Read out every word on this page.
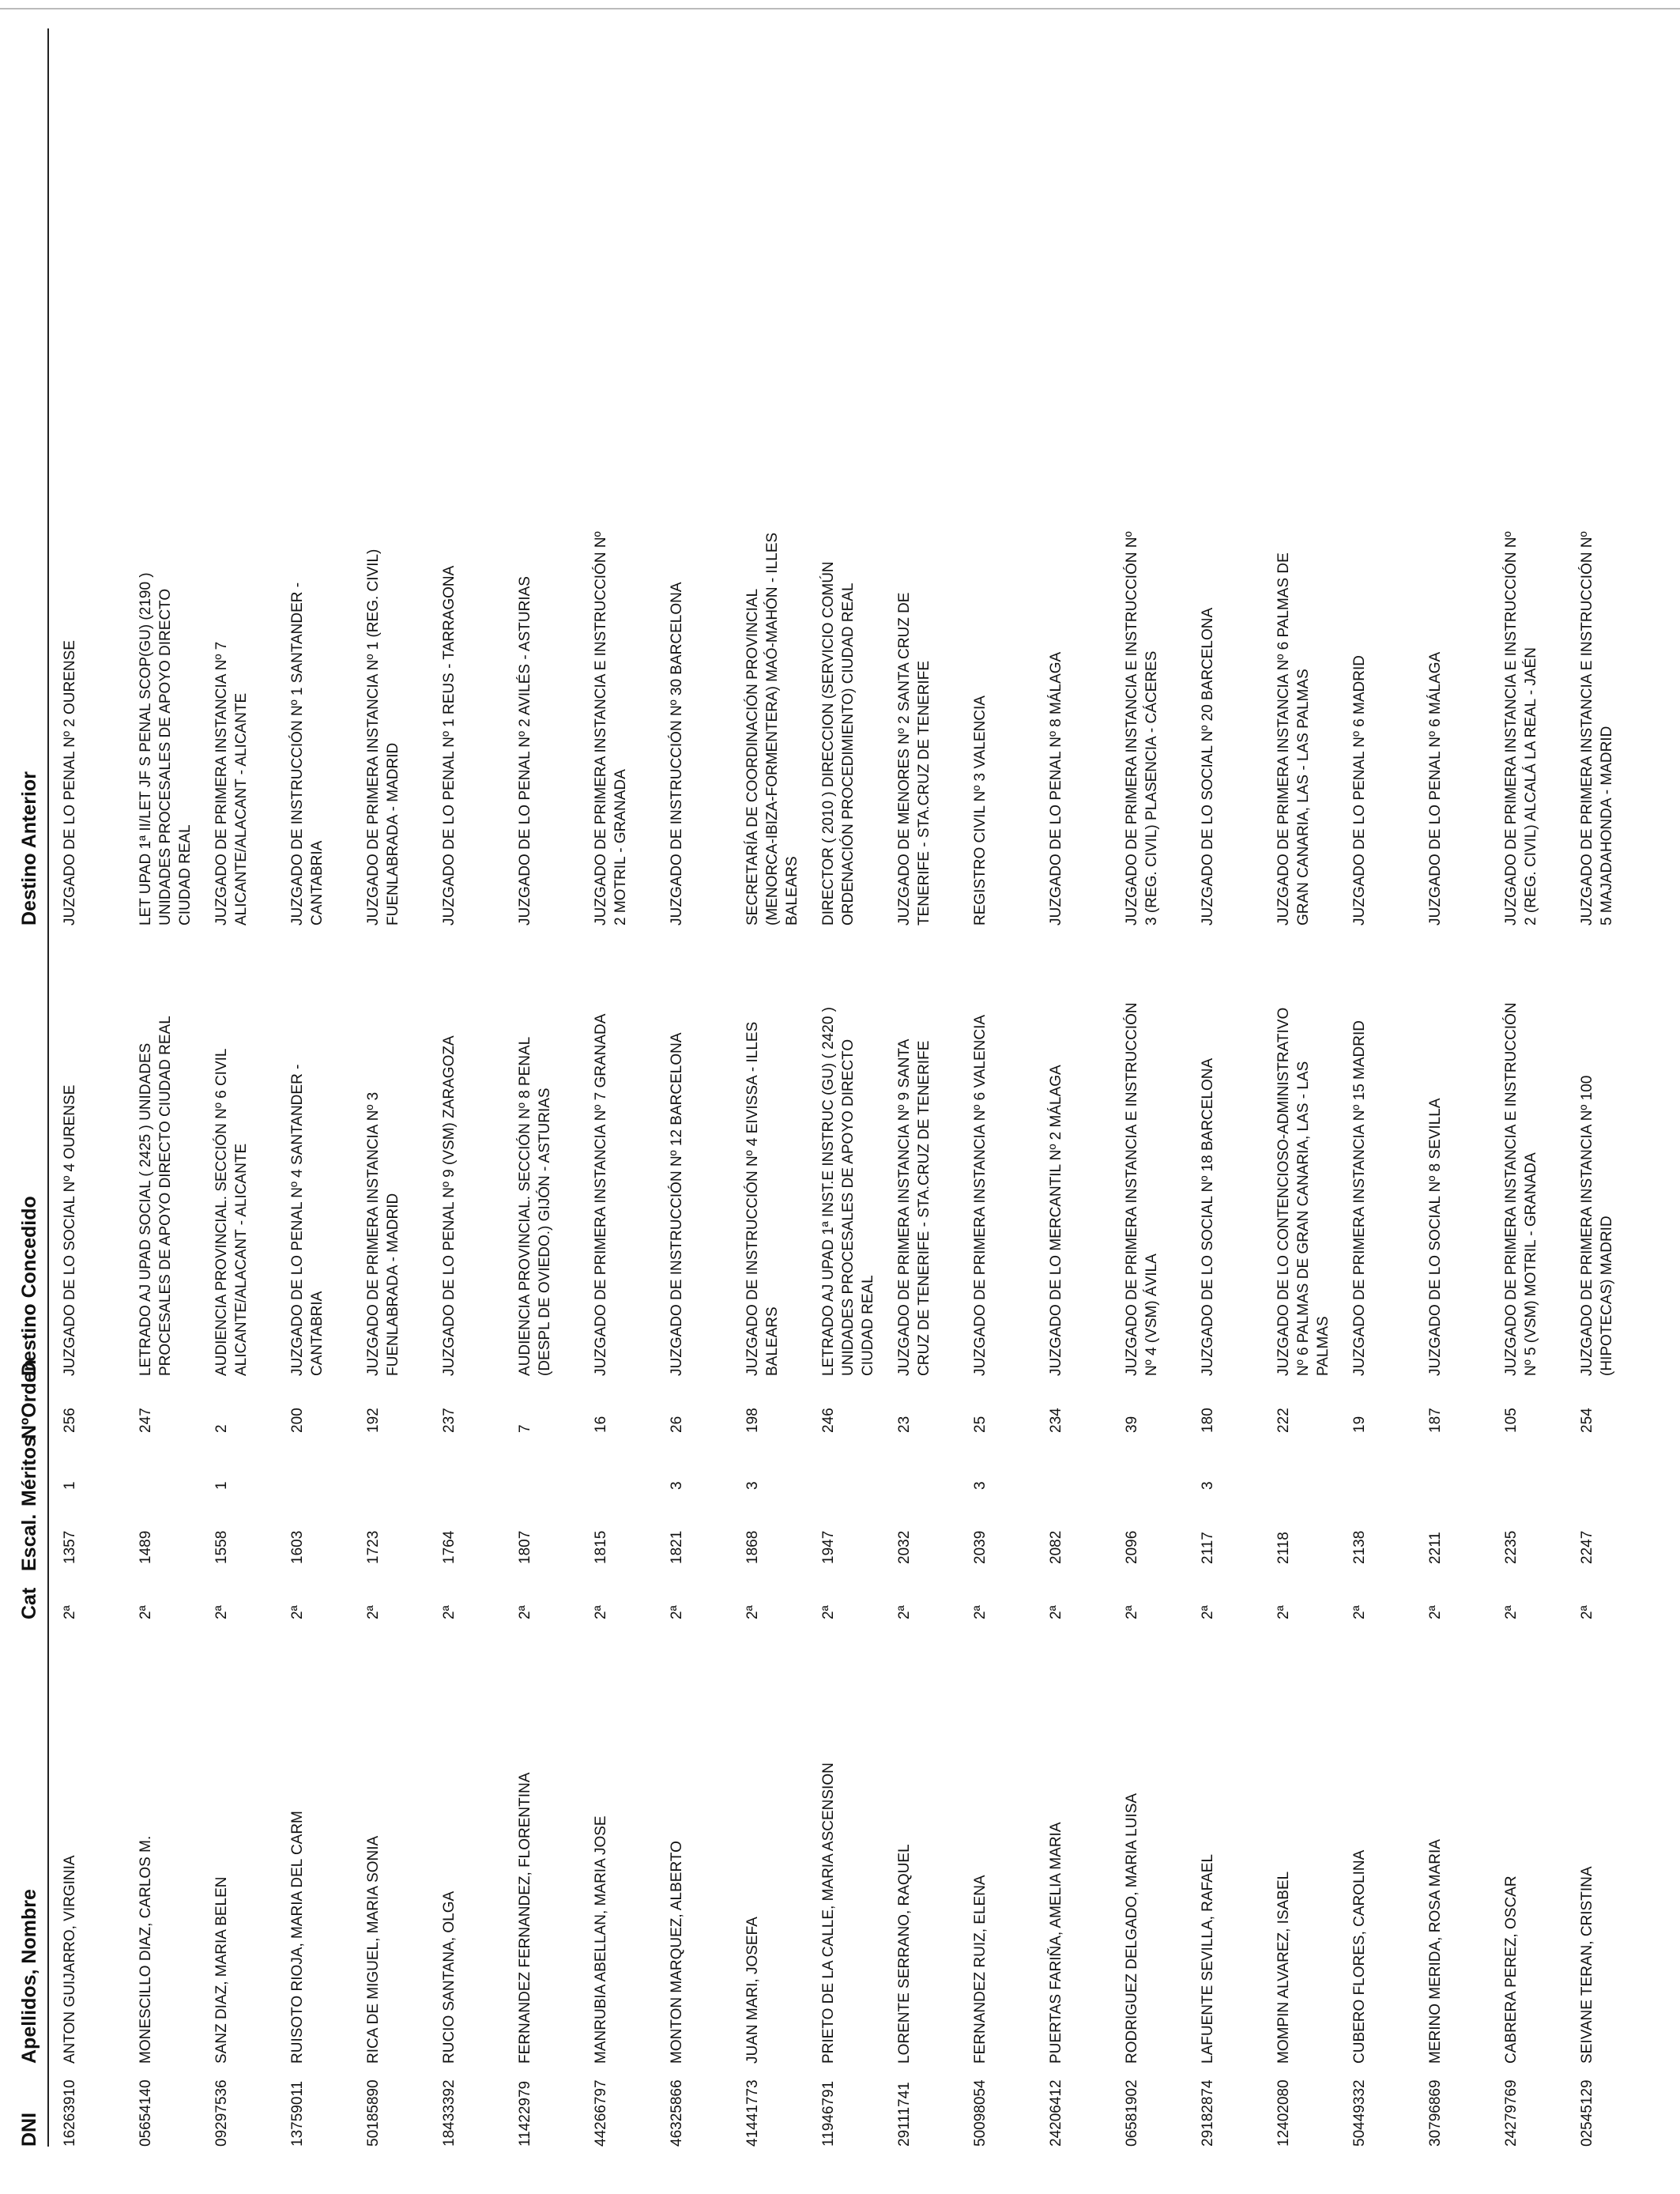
DNI
Apellidos, Nombre
Cat
Escal.
Méritos
NºOrden
Destino Concedido
Destino Anterior
16263910
ANTON GUIJARRO, VIRGINIA
2ª
1357
1
256
JUZGADO DE LO SOCIAL Nº 4 OURENSE
JUZGADO DE LO PENAL Nº 2 OURENSE
05654140
MONESCILLO DIAZ, CARLOS M.
2ª
1489
247
LETRADO AJ UPAD SOCIAL ( 2425 ) UNIDADES PROCESALES DE APOYO DIRECTO CIUDAD REAL
LET UPAD 1ª II/LET JF S PENAL SCOP(GU) (2190 ) UNIDADES PROCESALES DE APOYO DIRECTO CIUDAD REAL
09297536
SANZ DIAZ, MARIA BELEN
2ª
1558
1
2
AUDIENCIA PROVINCIAL. SECCIÓN Nº 6 CIVIL ALICANTE/ALACANT - ALICANTE
JUZGADO DE PRIMERA INSTANCIA Nº 7 ALICANTE/ALACANT - ALICANTE
13759011
RUISOTO RIOJA, MARIA DEL CARM
2ª
1603
200
JUZGADO DE LO PENAL Nº 4 SANTANDER - CANTABRIA
JUZGADO DE INSTRUCCIÓN Nº 1 SANTANDER - CANTABRIA
50185890
RICA DE MIGUEL, MARIA SONIA
2ª
1723
192
JUZGADO DE PRIMERA INSTANCIA Nº 3 FUENLABRADA - MADRID
JUZGADO DE PRIMERA INSTANCIA Nº 1 (REG. CIVIL) FUENLABRADA - MADRID
18433392
RUCIO SANTANA, OLGA
2ª
1764
237
JUZGADO DE LO PENAL Nº 9 (VSM) ZARAGOZA
JUZGADO DE LO PENAL Nº 1 REUS - TARRAGONA
11422979
FERNANDEZ FERNANDEZ, FLORENTINA
2ª
1807
7
AUDIENCIA PROVINCIAL. SECCIÓN Nº 8 PENAL (DESPL DE OVIEDO.) GIJÓN - ASTURIAS
JUZGADO DE LO PENAL Nº 2 AVILÉS - ASTURIAS
44266797
MANRUBIA ABELLAN, MARIA JOSE
2ª
1815
16
JUZGADO DE PRIMERA INSTANCIA Nº 7 GRANADA
JUZGADO DE PRIMERA INSTANCIA E INSTRUCCIÓN Nº 2 MOTRIL - GRANADA
46325866
MONTON MARQUEZ, ALBERTO
2ª
1821
3
26
JUZGADO DE INSTRUCCIÓN Nº 12 BARCELONA
JUZGADO DE INSTRUCCIÓN Nº 30 BARCELONA
41441773
JUAN MARI, JOSEFA
2ª
1868
3
198
JUZGADO DE INSTRUCCIÓN Nº 4 EIVISSA - ILLES BALEARS
SECRETARÍA DE COORDINACIÓN PROVINCIAL (MENORCA-IBIZA-FORMENTERA) MAÓ-MAHÓN - ILLES BALEARS
11946791
PRIETO DE LA CALLE, MARIA ASCENSION
2ª
1947
246
LETRADO AJ UPAD 1ª INST.E INSTRUC (GU) ( 2420 ) UNIDADES PROCESALES DE APOYO DIRECTO CIUDAD REAL
DIRECTOR ( 2010 ) DIRECCION (SERVICIO COMÚN ORDENACIÓN PROCEDIMIENTO) CIUDAD REAL
29111741
LORENTE SERRANO, RAQUEL
2ª
2032
23
JUZGADO DE PRIMERA INSTANCIA Nº 9 SANTA CRUZ DE TENERIFE - STA.CRUZ DE TENERIFE
JUZGADO DE MENORES Nº 2 SANTA CRUZ DE TENERIFE - STA.CRUZ DE TENERIFE
50098054
FERNANDEZ RUIZ, ELENA
2ª
2039
3
25
JUZGADO DE PRIMERA INSTANCIA Nº 6 VALENCIA
REGISTRO CIVIL Nº 3 VALENCIA
24206412
PUERTAS FARIÑA, AMELIA MARIA
2ª
2082
234
JUZGADO DE LO MERCANTIL Nº 2 MÁLAGA
JUZGADO DE LO PENAL Nº 8 MÁLAGA
06581902
RODRIGUEZ DELGADO, MARIA LUISA
2ª
2096
39
JUZGADO DE PRIMERA INSTANCIA E INSTRUCCIÓN Nº 4 (VSM) ÁVILA
JUZGADO DE PRIMERA INSTANCIA E INSTRUCCIÓN Nº 3 (REG. CIVIL) PLASENCIA - CÁCERES
29182874
LAFUENTE SEVILLA, RAFAEL
2ª
2117
3
180
JUZGADO DE LO SOCIAL Nº 18 BARCELONA
JUZGADO DE LO SOCIAL Nº 20 BARCELONA
12402080
MOMPIN ALVAREZ, ISABEL
2ª
2118
222
JUZGADO DE LO CONTENCIOSO-ADMINISTRATIVO Nº 6 PALMAS DE GRAN CANARIA, LAS - LAS PALMAS
JUZGADO DE PRIMERA INSTANCIA Nº 6 PALMAS DE GRAN CANARIA, LAS - LAS PALMAS
50449332
CUBERO FLORES, CAROLINA
2ª
2138
19
JUZGADO DE PRIMERA INSTANCIA Nº 15 MADRID
JUZGADO DE LO PENAL Nº 6 MADRID
30796869
MERINO MERIDA, ROSA MARIA
2ª
2211
187
JUZGADO DE LO SOCIAL Nº 8 SEVILLA
JUZGADO DE LO PENAL Nº 6 MÁLAGA
24279769
CABRERA PEREZ, OSCAR
2ª
2235
105
JUZGADO DE PRIMERA INSTANCIA E INSTRUCCIÓN Nº 5 (VSM) MOTRIL - GRANADA
JUZGADO DE PRIMERA INSTANCIA E INSTRUCCIÓN Nº 2 (REG. CIVIL) ALCALÁ LA REAL - JAÉN
02545129
SEIVANE TERAN, CRISTINA
2ª
2247
254
JUZGADO DE PRIMERA INSTANCIA Nº 100 (HIPOTECAS) MADRID
JUZGADO DE PRIMERA INSTANCIA E INSTRUCCIÓN Nº 5 MAJADAHONDA - MADRID
